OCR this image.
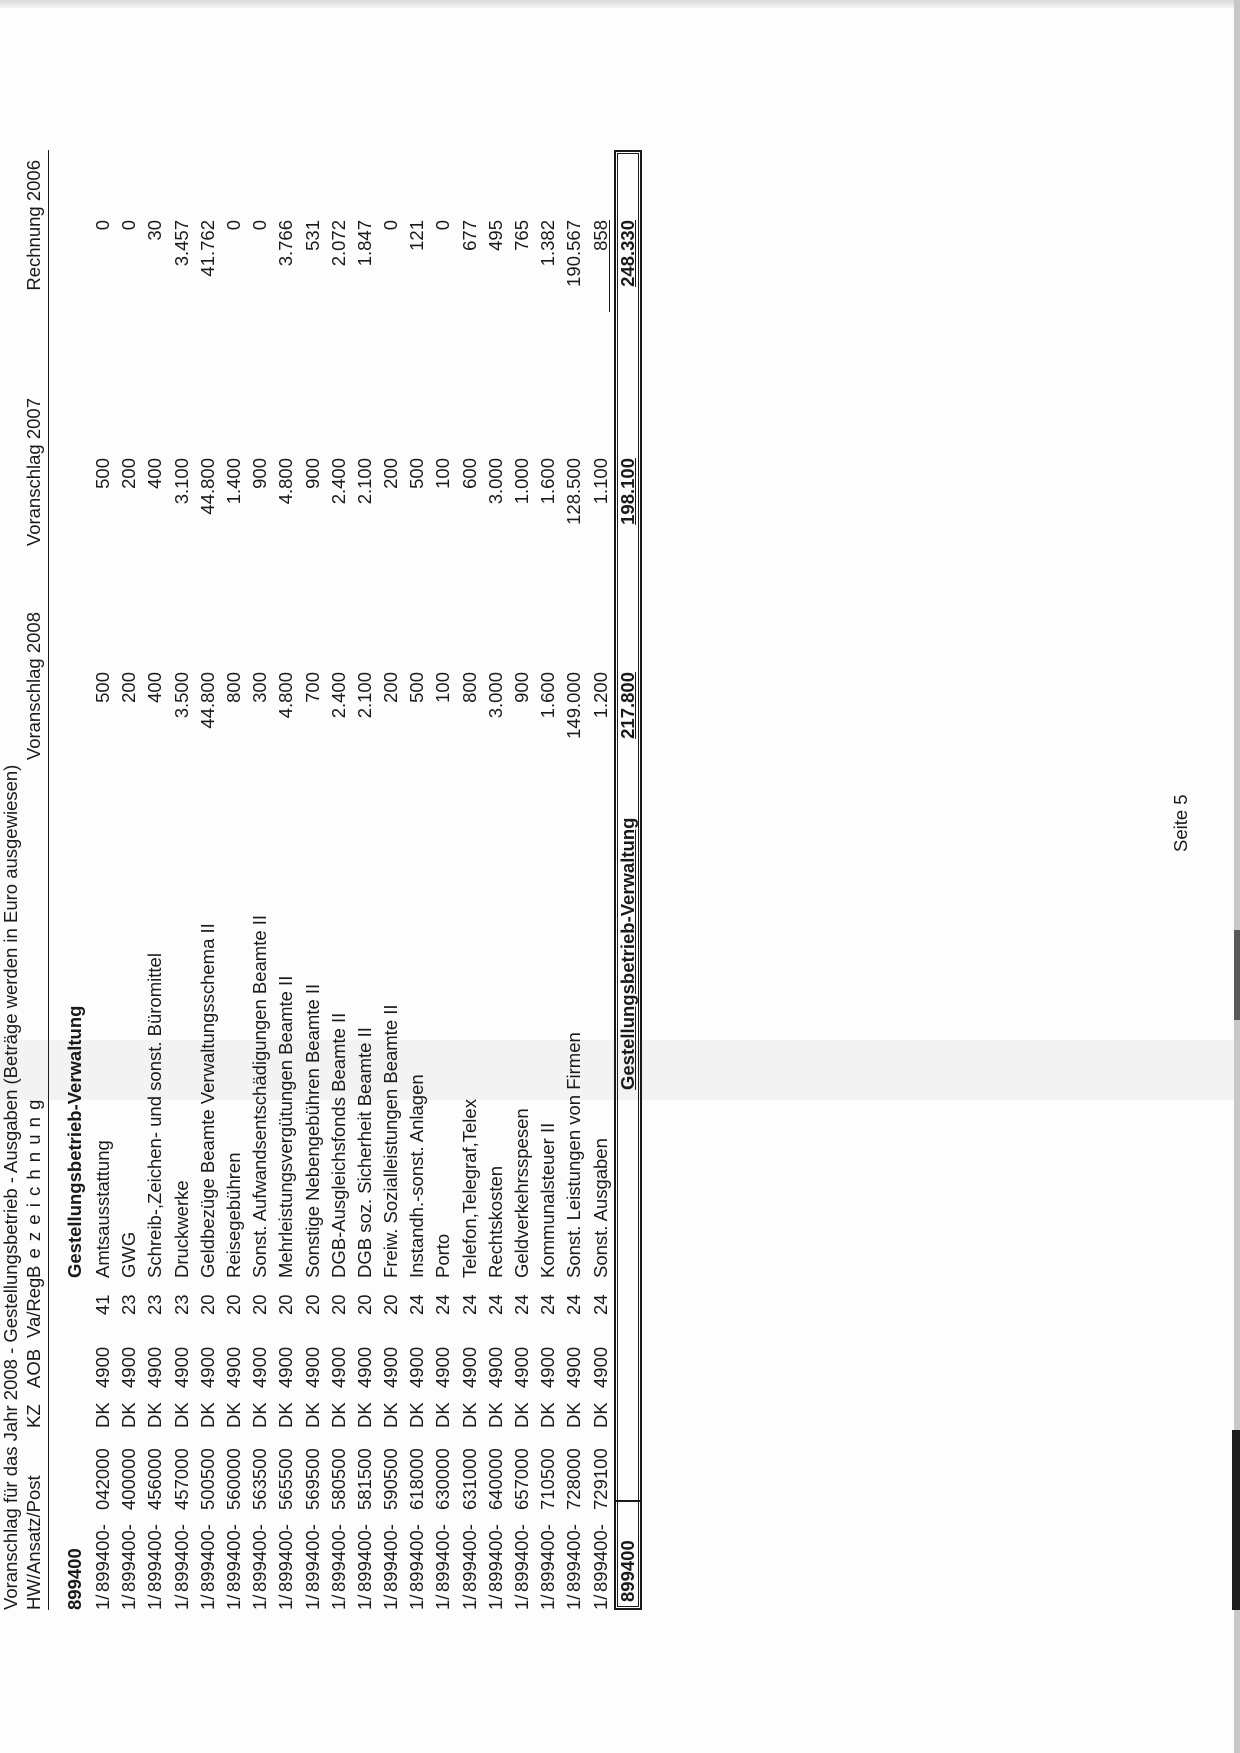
Voranschlag für das Jahr 2008 - Gestellungsbetrieb - Ausgaben (Beträge werden in Euro ausgewiesen) HW/Ansatz/Post
KZ
AOB
Va/Reg
B e z e i c h n u n g
Voranschlag 2008
Voranschlag 2007
Rechnung 2006
899400
Gestellungsbetrieb-Verwaltung
1/
899400-
042000
DK
4900
41
Amtsausstattung
500
500
0
1/
899400-
400000
DK
4900
23
GWG
200
200
0
1/
899400-
456000
DK
4900
23
Schreib-,Zeichen- und sonst. Büromittel
400
400
30
1/
899400-
457000
DK
4900
23
Druckwerke
3.500
3.100
3.457
1/
899400-
500500
DK
4900
20
Geldbezüge Beamte Verwaltungsschema II
44.800
44.800
41.762
1/
899400-
560000
DK
4900
20
Reisegebühren
800
1.400
0
1/
899400-
563500
DK
4900
20
Sonst. Aufwandsentschädigungen Beamte II
300
900
0
1/
899400-
565500
DK
4900
20
Mehrleistungsvergütungen Beamte II
4.800
4.800
3.766
1/
899400-
569500
DK
4900
20
Sonstige Nebengebühren Beamte II
700
900
531
1/
899400-
580500
DK
4900
20
DGB-Ausgleichsfonds Beamte II
2.400
2.400
2.072
1/
899400-
581500
DK
4900
20
DGB soz. Sicherheit Beamte II
2.100
2.100
1.847
1/
899400-
590500
DK
4900
20
Freiw. Sozialleistungen Beamte II
200
200
0
1/
899400-
618000
DK
4900
24
Instandh.-sonst. Anlagen
500
500
121
1/
899400-
630000
DK
4900
24
Porto
100
100
0
1/
899400-
631000
DK
4900
24
Telefon,Telegraf,Telex
800
600
677
1/
899400-
640000
DK
4900
24
Rechtskosten
3.000
3.000
495
1/
899400-
657000
DK
4900
24
Geldverkehrsspesen
900
1.000
765
1/
899400-
710500
DK
4900
24
Kommunalsteuer II
1.600
1.600
1.382
1/
899400-
728000
DK
4900
24
Sonst. Leistungen von Firmen
149.000
128.500
190.567
1/
899400-
729100
DK
4900
24
Sonst. Ausgaben
1.200
1.100
858
899400
Gestellungsbetrieb-Verwaltung
217.800
198.100
248.330
Seite 5
